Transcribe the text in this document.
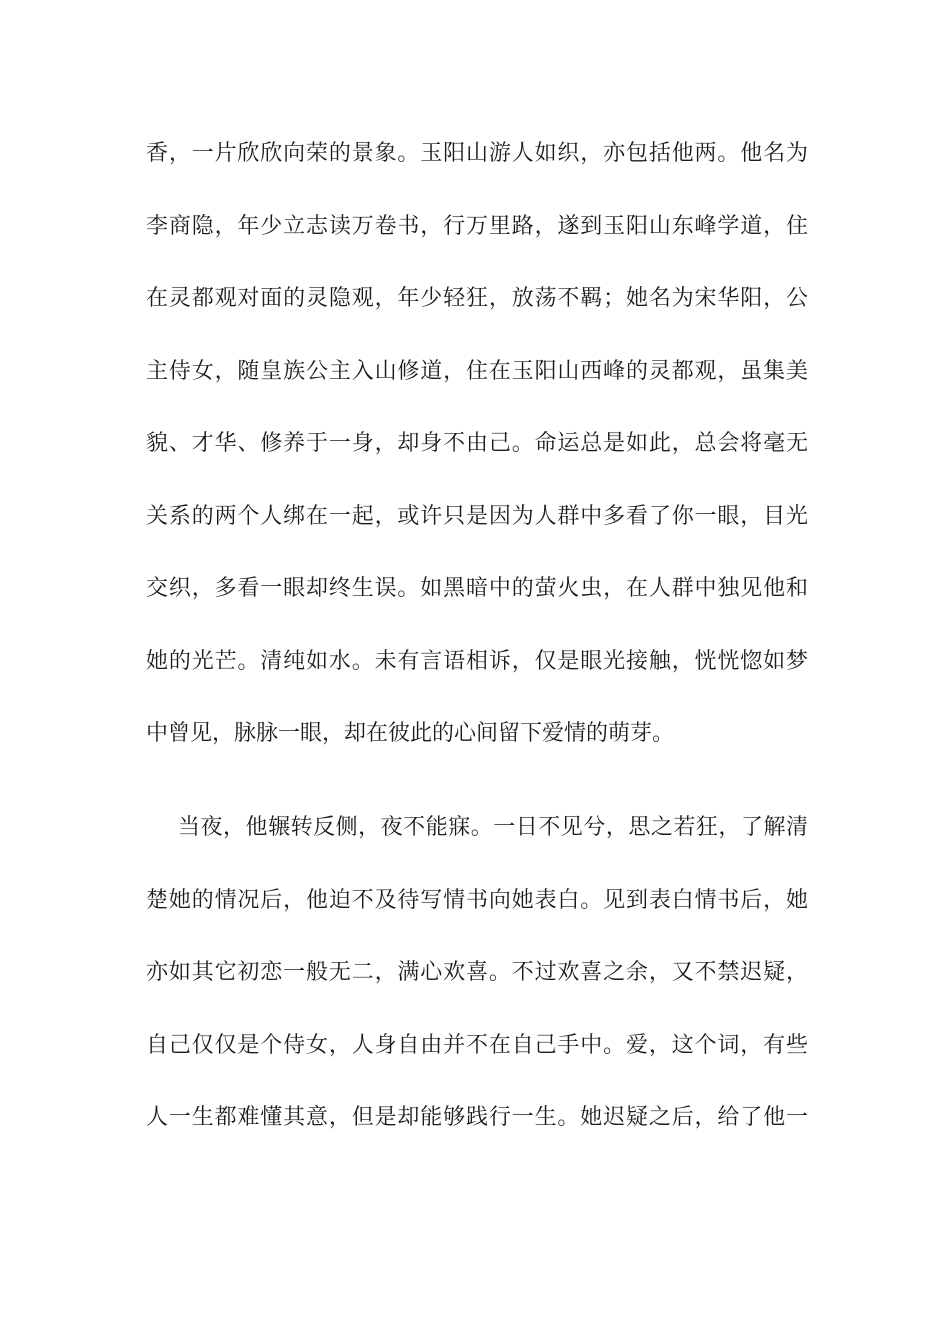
香，一片欣欣向荣的景象。玉阳山游人如织，亦包括他两。他名为
李商隐，年少立志读万卷书，行万里路，遂到玉阳山东峰学道，住
在灵都观对面的灵隐观，年少轻狂，放荡不羁；她名为宋华阳，公
主侍女，随皇族公主入山修道，住在玉阳山西峰的灵都观，虽集美
貌、才华、修养于一身，却身不由己。命运总是如此，总会将毫无
关系的两个人绑在一起，或许只是因为人群中多看了你一眼，目光
交织，多看一眼却终生误。如黑暗中的萤火虫，在人群中独见他和
她的光芒。清纯如水。未有言语相诉，仅是眼光接触，恍恍惚如梦
中曾见，脉脉一眼，却在彼此的心间留下爱情的萌芽。
当夜，他辗转反侧，夜不能寐。一日不见兮，思之若狂，了解清
楚她的情况后，他迫不及待写情书向她表白。见到表白情书后，她
亦如其它初恋一般无二，满心欢喜。不过欢喜之余，又不禁迟疑，
自己仅仅是个侍女，人身自由并不在自己手中。爱，这个词，有些
人一生都难懂其意，但是却能够践行一生。她迟疑之后，给了他一
